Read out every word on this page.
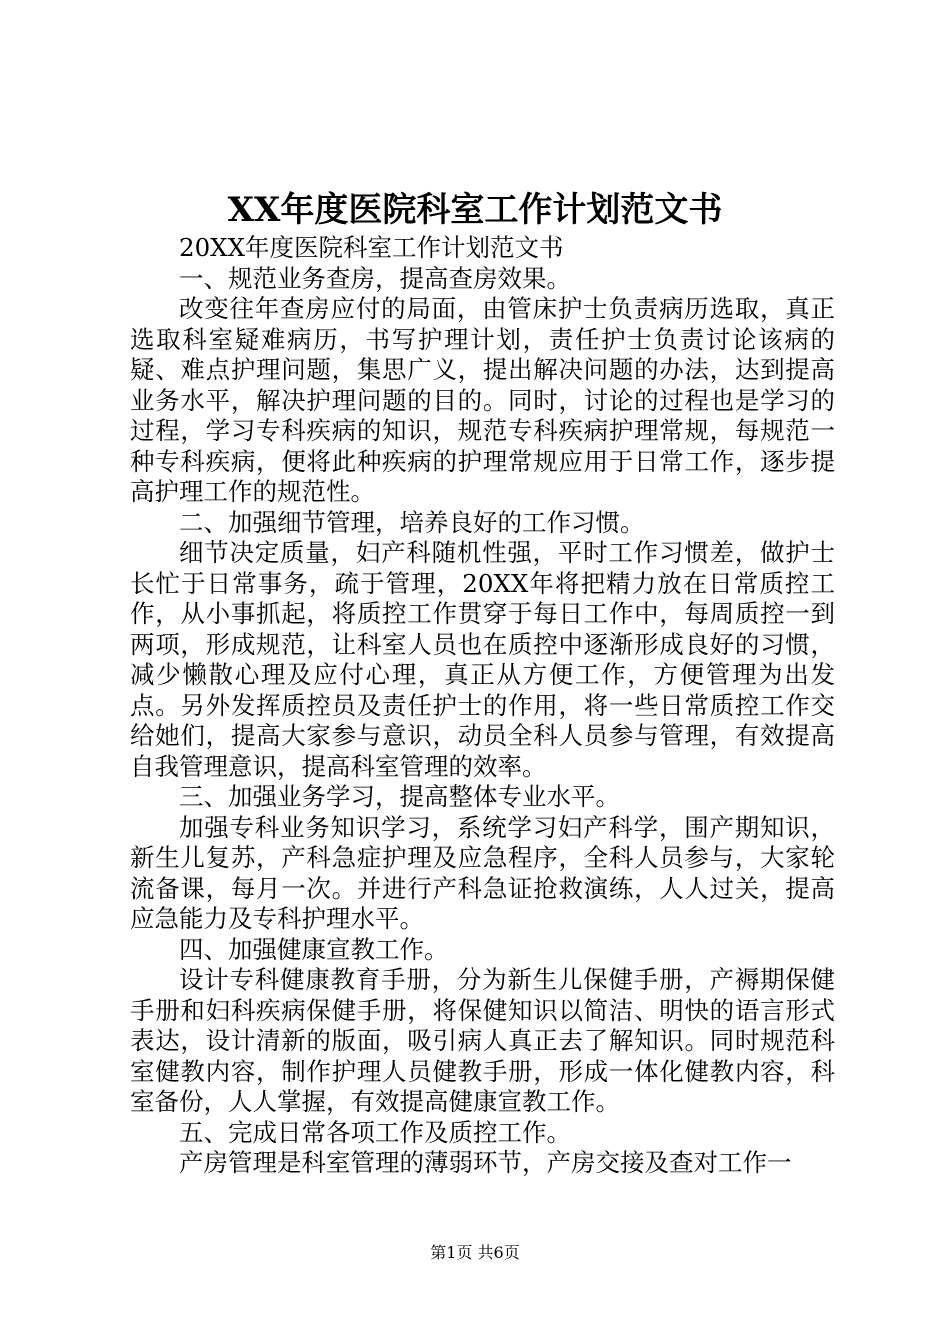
XX年度医院科室工作计划范文书

20XX年度医院科室工作计划范文书

一、规范业务查房，提高查房效果。

改变往年查房应付的局面，由管床护士负责病历选取，真正选取科室疑难病历，书写护理计划，责任护士负责讨论该病的疑、难点护理问题，集思广义，提出解决问题的办法，达到提高业务水平，解决护理问题的目的。同时，讨论的过程也是学习的过程，学习专科疾病的知识，规范专科疾病护理常规，每规范一种专科疾病，便将此种疾病的护理常规应用于日常工作，逐步提高护理工作的规范性。

二、加强细节管理，培养良好的工作习惯。

细节决定质量，妇产科随机性强，平时工作习惯差，做护士长忙于日常事务，疏于管理，20XX年将把精力放在日常质控工作，从小事抓起，将质控工作贯穿于每日工作中，每周质控一到两项，形成规范，让科室人员也在质控中逐渐形成良好的习惯，减少懒散心理及应付心理，真正从方便工作，方便管理为出发点。另外发挥质控员及责任护士的作用，将一些日常质控工作交给她们，提高大家参与意识，动员全科人员参与管理，有效提高自我管理意识，提高科室管理的效率。

三、加强业务学习，提高整体专业水平。

加强专科业务知识学习，系统学习妇产科学，围产期知识，新生儿复苏，产科急症护理及应急程序，全科人员参与，大家轮流备课，每月一次。并进行产科急证抢救演练，人人过关，提高应急能力及专科护理水平。

四、加强健康宣教工作。

设计专科健康教育手册，分为新生儿保健手册，产褥期保健手册和妇科疾病保健手册，将保健知识以简洁、明快的语言形式表达，设计清新的版面，吸引病人真正去了解知识。同时规范科室健教内容，制作护理人员健教手册，形成一体化健教内容，科室备份，人人掌握，有效提高健康宣教工作。

五、完成日常各项工作及质控工作。

产房管理是科室管理的薄弱环节，产房交接及查对工作一

第1页 共6页
